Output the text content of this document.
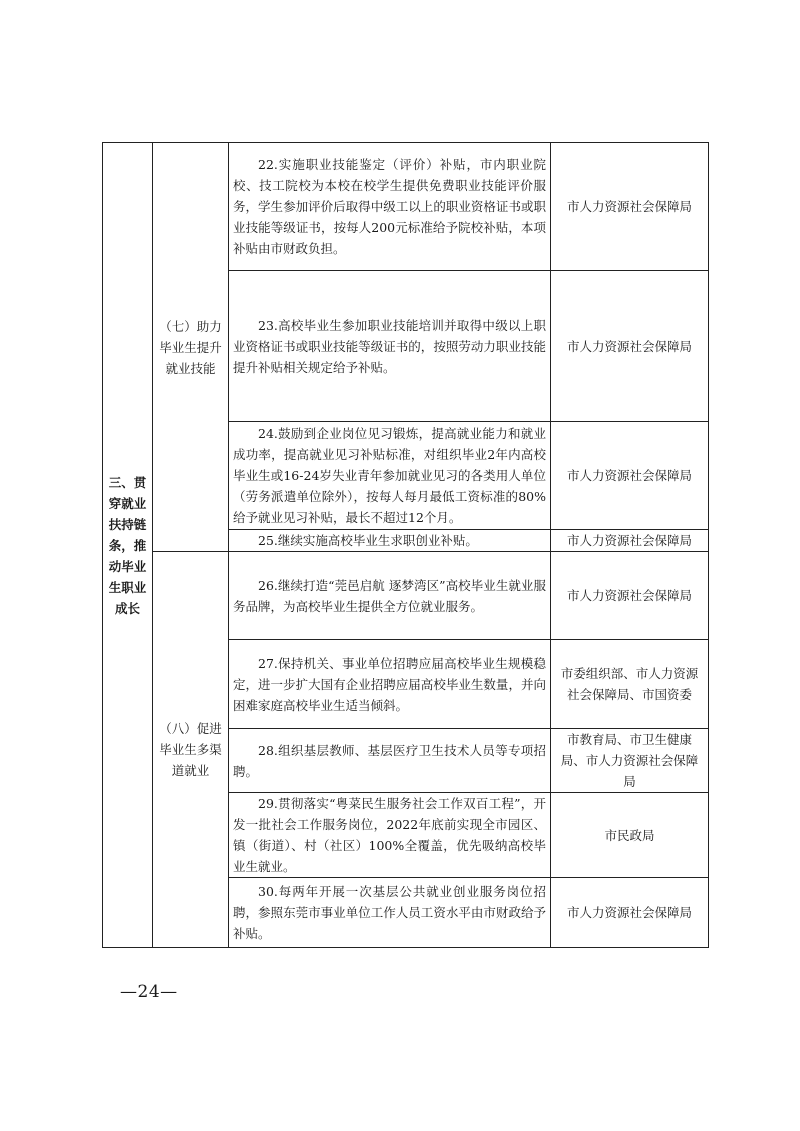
三、贯穿就业扶持链条，推动毕业生职业成长	（七）助力毕业生提升就业技能	22.实施职业技能鉴定（评价）补贴，市内职业院校、技工院校为本校在校学生提供免费职业技能评价服务，学生参加评价后取得中级工以上的职业资格证书或职业技能等级证书，按每人200元标准给予院校补贴，本项补贴由市财政负担。	市人力资源社会保障局

		23.高校毕业生参加职业技能培训并取得中级以上职业资格证书或职业技能等级证书的，按照劳动力职业技能提升补贴相关规定给予补贴。	市人力资源社会保障局

		24.鼓励到企业岗位见习锻炼，提高就业能力和就业成功率，提高就业见习补贴标准，对组织毕业2年内高校毕业生或16-24岁失业青年参加就业见习的各类用人单位（劳务派遣单位除外），按每人每月最低工资标准的80%给予就业见习补贴，最长不超过12个月。	市人力资源社会保障局

		25.继续实施高校毕业生求职创业补贴。	市人力资源社会保障局
	（八）促进毕业生多渠道就业	26.继续打造“莞邑启航 逐梦湾区”高校毕业生就业服务品牌，为高校毕业生提供全方位就业服务。	市人力资源社会保障局

		27.保持机关、事业单位招聘应届高校毕业生规模稳定，进一步扩大国有企业招聘应届高校毕业生数量，并向困难家庭高校毕业生适当倾斜。	市委组织部、市人力资源社会保障局、市国资委

		28.组织基层教师、基层医疗卫生技术人员等专项招聘。	市教育局、市卫生健康局、市人力资源社会保障局

		29.贯彻落实“粤菜民生服务社会工作双百工程”，开发一批社会工作服务岗位，2022年底前实现全市园区、镇（街道）、村（社区）100%全覆盖，优先吸纳高校毕业生就业。	市民政局

		30.每两年开展一次基层公共就业创业服务岗位招聘，参照东莞市事业单位工作人员工资水平由市财政给予补贴。	市人力资源社会保障局
—24—
